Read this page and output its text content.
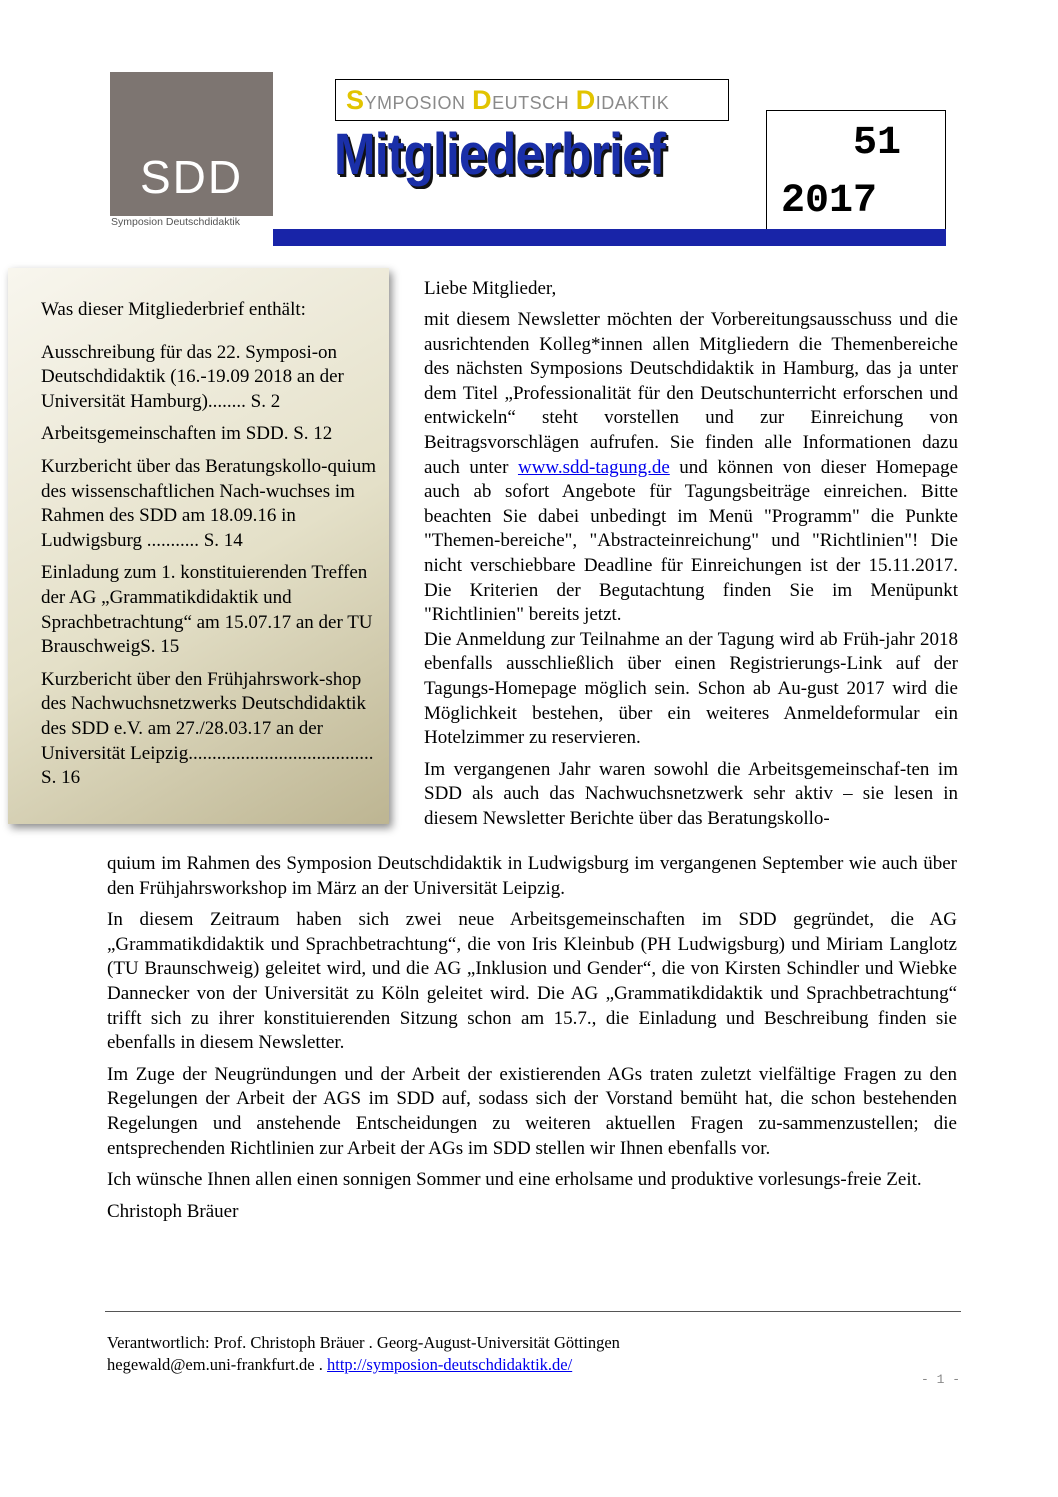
SDD
Symposion Deutschdidaktik
SYMPOSION DEUTSCH DIDAKTIK
Mitgliederbrief	51
2017
Was dieser Mitgliederbrief enthält:
Ausschreibung für das 22. Symposi-on Deutschdidaktik (16.-19.09 2018 an der Universität Hamburg)........ S. 2
Arbeitsgemeinschaften im SDD. S. 12
Kurzbericht über das Beratungskollo-quium des wissenschaftlichen Nach-wuchses im Rahmen des SDD am 18.09.16 in Ludwigsburg ........... S. 14
Einladung zum 1. konstituierenden Treffen der AG „Grammatikdidaktik und Sprachbetrachtung“ am 15.07.17 an der TU BrauschweigS. 15
Kurzbericht über den Frühjahrswork-shop des Nachwuchsnetzwerks Deutschdidaktik des SDD e.V. am 27./28.03.17 an der Universität Leipzig....................................... S. 16
Liebe Mitglieder,

mit diesem Newsletter möchten der Vorbereitungsausschuss und die ausrichtenden Kolleg*innen allen Mitgliedern die Themenbereiche des nächsten Symposions Deutschdidaktik in Hamburg, das ja unter dem Titel „Professionalität für den Deutschunterricht erforschen und entwickeln“ steht vorstellen und zur Einreichung von Beitragsvorschlägen aufrufen. Sie finden alle Informationen dazu auch unter www.sdd-tagung.de und können von dieser Homepage auch ab sofort Angebote für Tagungsbeiträge einreichen. Bitte beachten Sie dabei unbedingt im Menü "Programm" die Punkte "Themen-bereiche", "Abstracteinreichung" und "Richtlinien"! Die nicht verschiebbare Deadline für Einreichungen ist der 15.11.2017. Die Kriterien der Begutachtung finden Sie im Menüpunkt "Richtlinien" bereits jetzt.

Die Anmeldung zur Teilnahme an der Tagung wird ab Früh-jahr 2018 ebenfalls ausschließlich über einen Registrierungs-Link auf der Tagungs-Homepage möglich sein. Schon ab Au-gust 2017 wird die Möglichkeit bestehen, über ein weiteres Anmeldeformular ein Hotelzimmer zu reservieren.

Im vergangenen Jahr waren sowohl die Arbeitsgemeinschaf-ten im SDD als auch das Nachwuchsnetzwerk sehr aktiv – sie lesen in diesem Newsletter Berichte über das Beratungskollo-

quium im Rahmen des Symposion Deutschdidaktik in Ludwigsburg im vergangenen September wie auch über den Frühjahrsworkshop im März an der Universität Leipzig.

In diesem Zeitraum haben sich zwei neue Arbeitsgemeinschaften im SDD gegründet, die AG „Grammatikdidaktik und Sprachbetrachtung“, die von Iris Kleinbub (PH Ludwigsburg) und Miriam Langlotz (TU Braunschweig) geleitet wird, und die AG „Inklusion und Gender“, die von Kirsten Schindler und Wiebke Dannecker von der Universität zu Köln geleitet wird. Die AG „Grammatikdidaktik und Sprachbetrachtung“ trifft sich zu ihrer konstituierenden Sitzung schon am 15.7., die Einladung und Beschreibung finden sie ebenfalls in diesem Newsletter.

Im Zuge der Neugründungen und der Arbeit der existierenden AGs traten zuletzt vielfältige Fragen zu den Regelungen der Arbeit der AGS im SDD auf, sodass sich der Vorstand bemüht hat, die schon bestehenden Regelungen und anstehende Entscheidungen zu weiteren aktuellen Fragen zu-sammenzustellen; die entsprechenden Richtlinien zur Arbeit der AGs im SDD stellen wir Ihnen ebenfalls vor.

Ich wünsche Ihnen allen einen sonnigen Sommer und eine erholsame und produktive vorlesungs-freie Zeit.

Christoph Bräuer

Verantwortlich: Prof. Christoph Bräuer . Georg-August-Universität Göttingen
hegewald@em.uni-frankfurt.de . http://symposion-deutschdidaktik.de/
- 1 -
